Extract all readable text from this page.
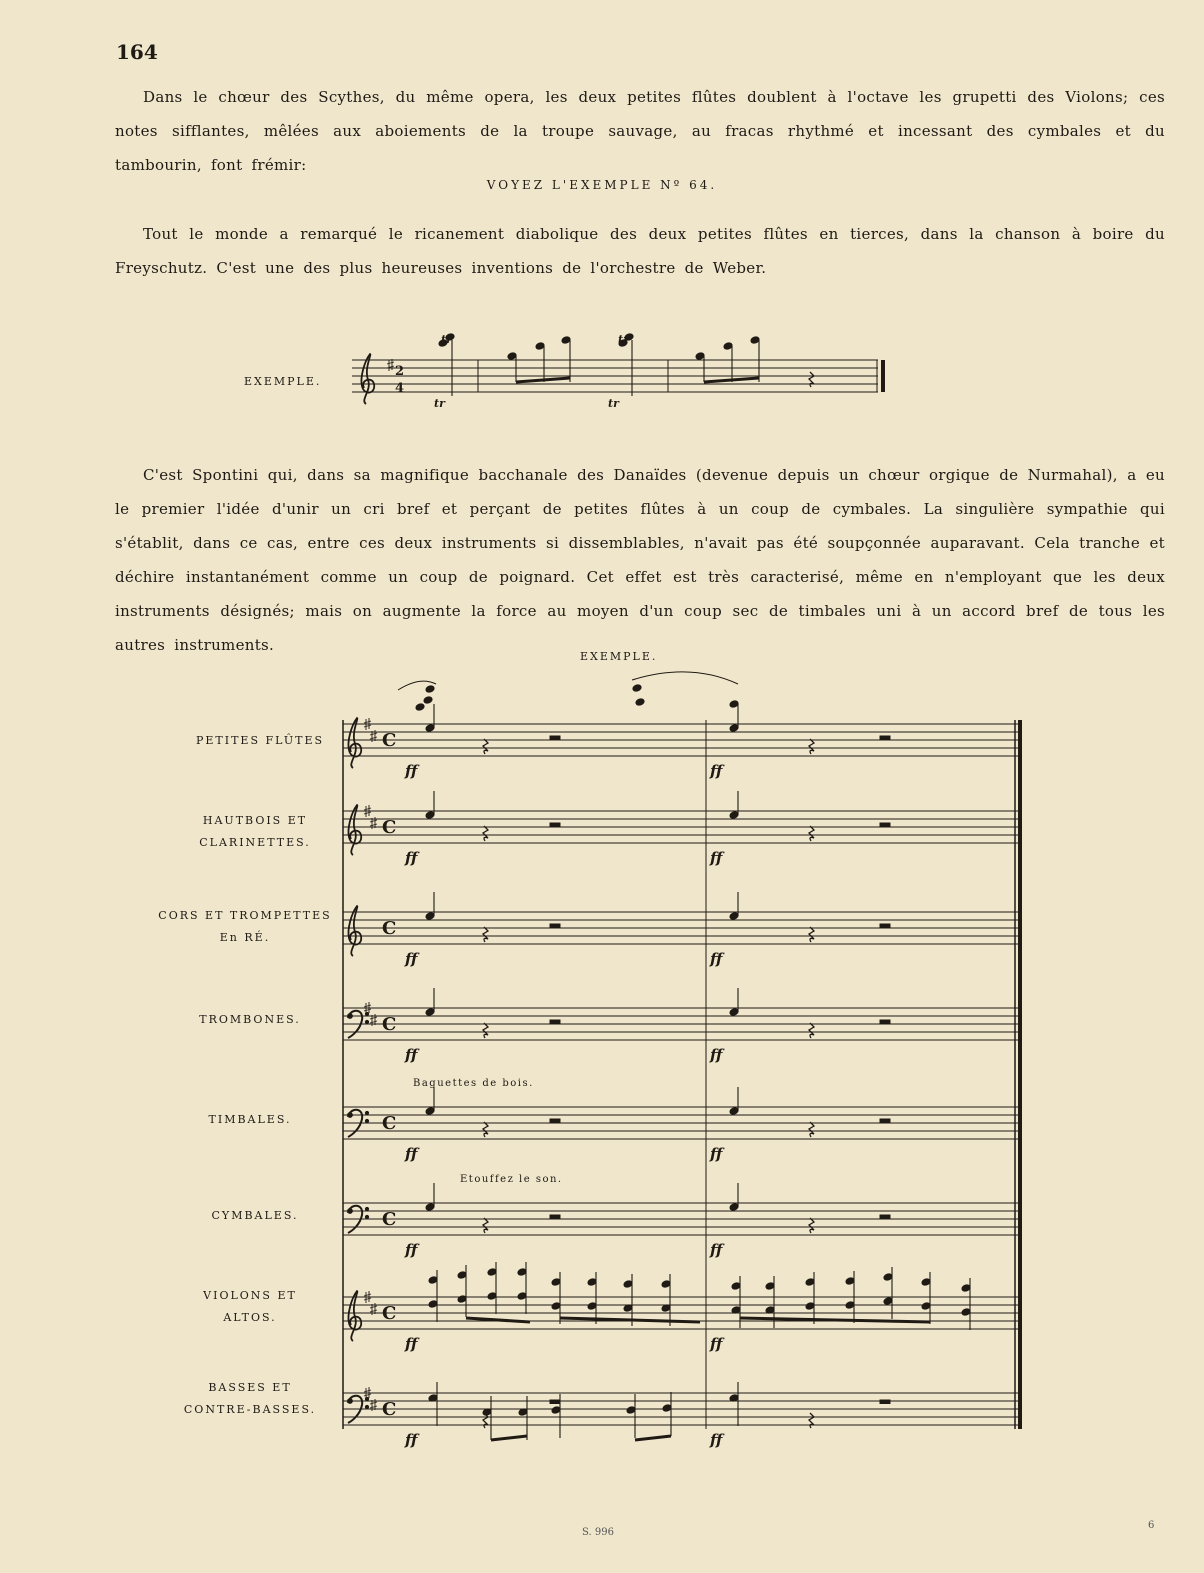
164
Dans le chœur des Scythes, du même opera, les deux petites flûtes doublent à l'octave les grupetti des Violons; ces notes sifflantes, mêlées aux aboiements de la troupe sauvage, au fracas rhythmé et incessant des cymbales et du tambourin, font frémir:
VOYEZ L'EXEMPLE Nº 64.
Tout le monde a remarqué le ricanement diabolique des deux petites flûtes en tierces, dans la chanson à boire du Freyschutz. C'est une des plus heureuses inventions de l'orchestre de Weber.
C'est Spontini qui, dans sa magnifique bacchanale des Danaïdes (devenue depuis un chœur orgique de Nurmahal), a eu le premier l'idée d'unir un cri bref et perçant de petites flûtes à un coup de cymbales. La singulière sympathie qui s'établit, dans ce cas, entre ces deux instruments si dissemblables, n'avait pas été soupçonnée auparavant. Cela tranche et déchire instantanément comme un coup de poignard. Cet effet est très caracterisé, même en n'employant que les deux instruments désignés; mais on augmente la force au moyen d'un coup sec de timbales uni à un accord bref de tous les autres instruments.
EXEMPLE.
EXEMPLE.
PETITES FLÛTES
HAUTBOIS ET
CLARINETTES.
CORS ET TROMPETTES
En RÉ.
TROMBONES.
TIMBALES.
CYMBALES.
VIOLONS ET
ALTOS.
BASSES ET
CONTRE-BASSES.
Baguettes de bois.
Etouffez le son.
S. 996
6
2
4
tr	tr
tr	tr
C
ff	ff
C
ff	ff
C
ff	ff
C
ff	ff
C
ff	ff
C
ff	ff
C
ff	ff
C
ff	ff
